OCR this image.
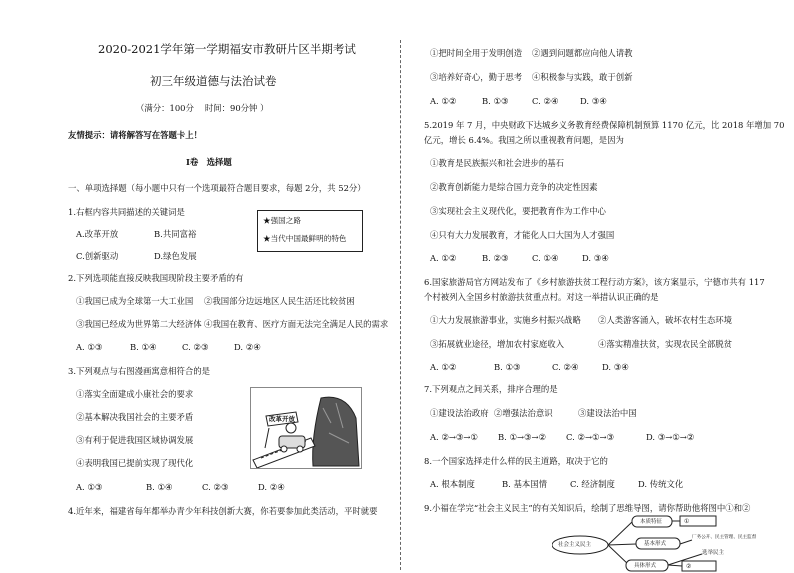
2020-2021学年第一学期福安市教研片区半期考试
初三年级道德与法治试卷
（满分：100分　 时间：90分钟 ）
友情提示：请将解答写在答题卡上！
Ⅰ卷　选择题
一、单项选择题（每小题中只有一个选项最符合题目要求，每题 2分，共 52分）
1.右框内容共同描述的关键词是
A.改革开放	B.共同富裕
C.创新驱动	D.绿色发展
★强国之路
★当代中国最鲜明的特色
2.下列选项能直接反映我国现阶段主要矛盾的有
①我国已成为全球第一大工业国 ②我国部分边远地区人民生活还比较贫困
③我国已经成为世界第二大经济体 ④我国在教育、医疗方面无法完全满足人民的需求
A. ①③	B. ①④	C. ②③	D. ②④
3.下列观点与右图漫画寓意相符合的是
①落实全面建成小康社会的要求
②基本解决我国社会的主要矛盾
③有利于促进我国区域协调发展
④表明我国已提前实现了现代化
A. ①③	B. ①④	C. ②③	D. ②④
改革开放
4.近年来，福建省每年都举办青少年科技创新大赛，你若要参加此类活动，平时就要
①把时间全用于发明创造 ②遇到问题都应向他人请教
③培养好奇心，勤于思考 ④积极参与实践，敢于创新
A. ①②	B. ①③	C. ②④	D. ③④
5.2019 年 7 月，中央财政下达城乡义务教育经费保障机制预算 1170 亿元，比 2018 年增加 70
亿元，增长 6.4%。我国之所以重视教育问题，是因为
①教育是民族振兴和社会进步的基石
②教育创新能力是综合国力竞争的决定性因素
③实现社会主义现代化，要把教育作为工作中心
④只有大力发展教育，才能化人口大国为人才强国
A. ①②	B. ②③	C. ①④	D. ③④
6.国家旅游局官方网站发布了《乡村旅游扶贫工程行动方案》，该方案显示，宁德市共有 117
个村被列入全国乡村旅游扶贫重点村。对这一举措认识正确的是
①大力发展旅游事业，实施乡村振兴战略 ②人类游客涌入，破坏农村生态环境
③拓展就业途径，增加农村家庭收入	④落实精准扶贫，实现农民全部脱贫
A. ①②	B. ①③	C. ②④	D. ③④
7.下列观点之间关系，排序合理的是
①建设法治政府 ②增强法治意识	③建设法治中国
A. ②→③→① B. ①→③→② C. ②→①→③	D. ③→①→②
8.一个国家选择走什么样的民主道路，取决于它的
A. 根本制度	B. 基本国情	C. 经济制度	D. 传统文化
9.小福在学完“社会主义民主”的有关知识后，绘制了思维导图，请你帮助他将图中①和②
社会主义民主
本质特征
基本形式
具体形式
①
厂务公开、民主管理、民主监督
选举民主
②
